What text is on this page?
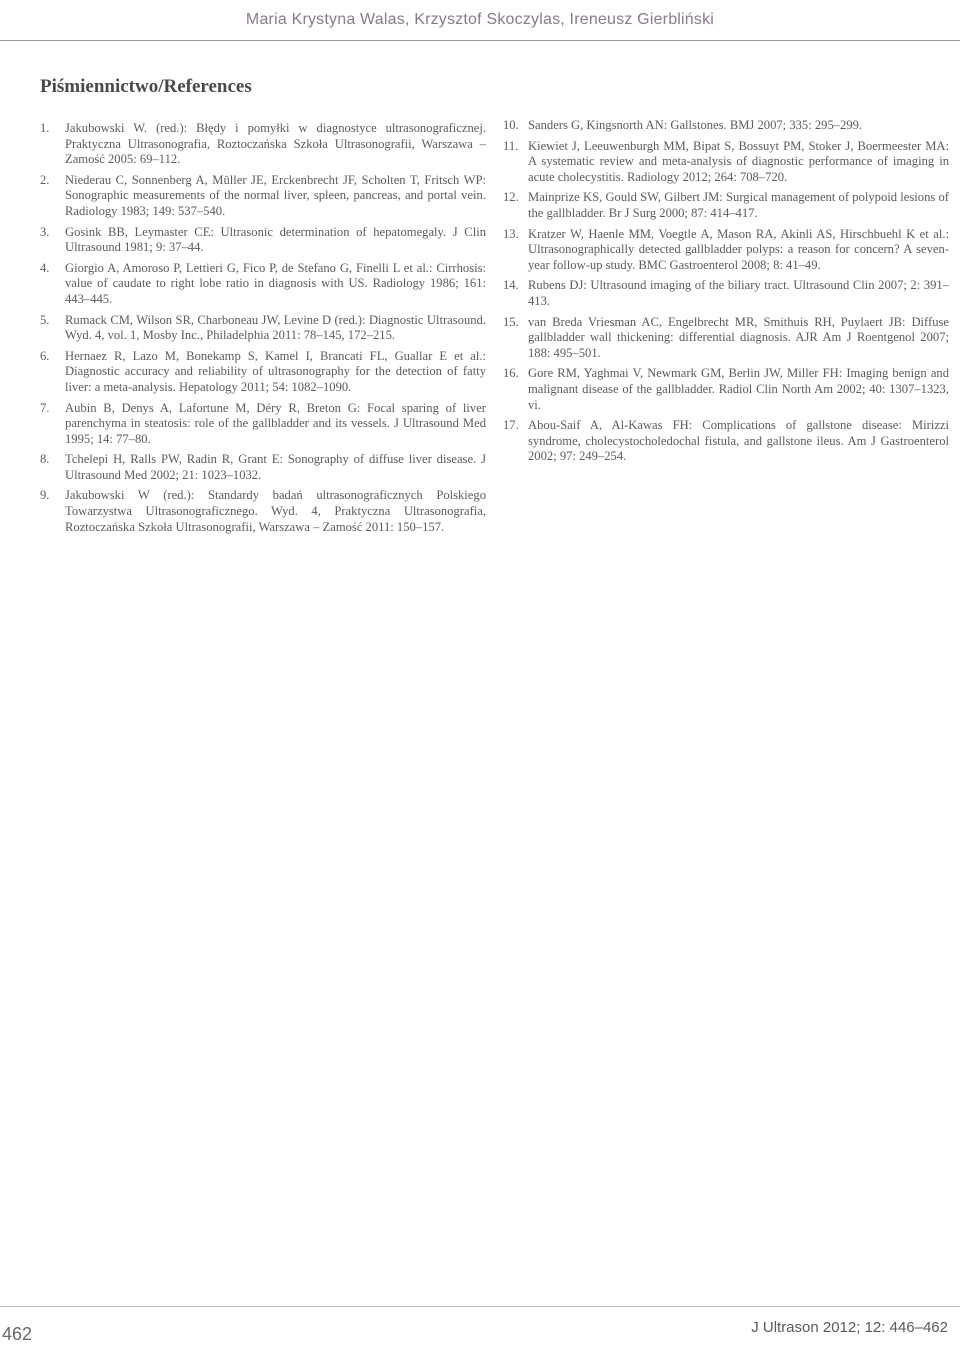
Maria Krystyna Walas, Krzysztof Skoczylas, Ireneusz Gierbliński
Piśmiennictwo/References
1.	Jakubowski W. (red.): Błędy i pomyłki w diagnostyce ultrasonograficznej. Praktyczna Ultrasonografia, Roztoczańska Szkoła Ultrasonografii, Warszawa – Zamość 2005: 69–112.
2.	Niederau C, Sonnenberg A, Müller JE, Erckenbrecht JF, Scholten T, Fritsch WP: Sonographic measurements of the normal liver, spleen, pancreas, and portal vein. Radiology 1983; 149: 537–540.
3.	Gosink BB, Leymaster CE: Ultrasonic determination of hepatomegaly. J Clin Ultrasound 1981; 9: 37–44.
4.	Giorgio A, Amoroso P, Lettieri G, Fico P, de Stefano G, Finelli L et al.: Cirrhosis: value of caudate to right lobe ratio in diagnosis with US. Radiology 1986; 161: 443–445.
5.	Rumack CM, Wilson SR, Charboneau JW, Levine D (red.): Diagnostic Ultrasound. Wyd. 4, vol. 1, Mosby Inc., Philadelphia 2011: 78–145, 172–215.
6.	Hernaez R, Lazo M, Bonekamp S, Kamel I, Brancati FL, Guallar E et al.: Diagnostic accuracy and reliability of ultrasonography for the detection of fatty liver: a meta-analysis. Hepatology 2011; 54: 1082–1090.
7.	Aubin B, Denys A, Lafortune M, Déry R, Breton G: Focal sparing of liver parenchyma in steatosis: role of the gallbladder and its vessels. J Ultrasound Med 1995; 14: 77–80.
8.	Tchelepi H, Ralls PW, Radin R, Grant E: Sonography of diffuse liver disease. J Ultrasound Med 2002; 21: 1023–1032.
9.	Jakubowski W (red.): Standardy badań ultrasonograficznych Polskiego Towarzystwa Ultrasonograficznego. Wyd. 4, Praktyczna Ultrasonografia, Roztoczańska Szkoła Ultrasonografii, Warszawa – Zamość 2011: 150–157.
10. Sanders G, Kingsnorth AN: Gallstones. BMJ 2007; 335: 295–299.
11. Kiewiet J, Leeuwenburgh MM, Bipat S, Bossuyt PM, Stoker J, Boermeester MA: A systematic review and meta-analysis of diagnostic performance of imaging in acute cholecystitis. Radiology 2012; 264: 708–720.
12. Mainprize KS, Gould SW, Gilbert JM: Surgical management of polypoid lesions of the gallbladder. Br J Surg 2000; 87: 414–417.
13. Kratzer W, Haenle MM, Voegtle A, Mason RA, Akinli AS, Hirschbuehl K et al.: Ultrasonographically detected gallbladder polyps: a reason for concern? A seven-year follow-up study. BMC Gastroenterol 2008; 8: 41–49.
14. Rubens DJ: Ultrasound imaging of the biliary tract. Ultrasound Clin 2007; 2: 391–413.
15. van Breda Vriesman AC, Engelbrecht MR, Smithuis RH, Puylaert JB: Diffuse gallbladder wall thickening: differential diagnosis. AJR Am J Roentgenol 2007; 188: 495–501.
16. Gore RM, Yaghmai V, Newmark GM, Berlin JW, Miller FH: Imaging benign and malignant disease of the gallbladder. Radiol Clin North Am 2002; 40: 1307–1323, vi.
17. Abou-Saif A, Al-Kawas FH: Complications of gallstone disease: Mirizzi syndrome, cholecystocholedochal fistula, and gallstone ileus. Am J Gastroenterol 2002; 97: 249–254.
462	J Ultrason 2012; 12: 446–462
